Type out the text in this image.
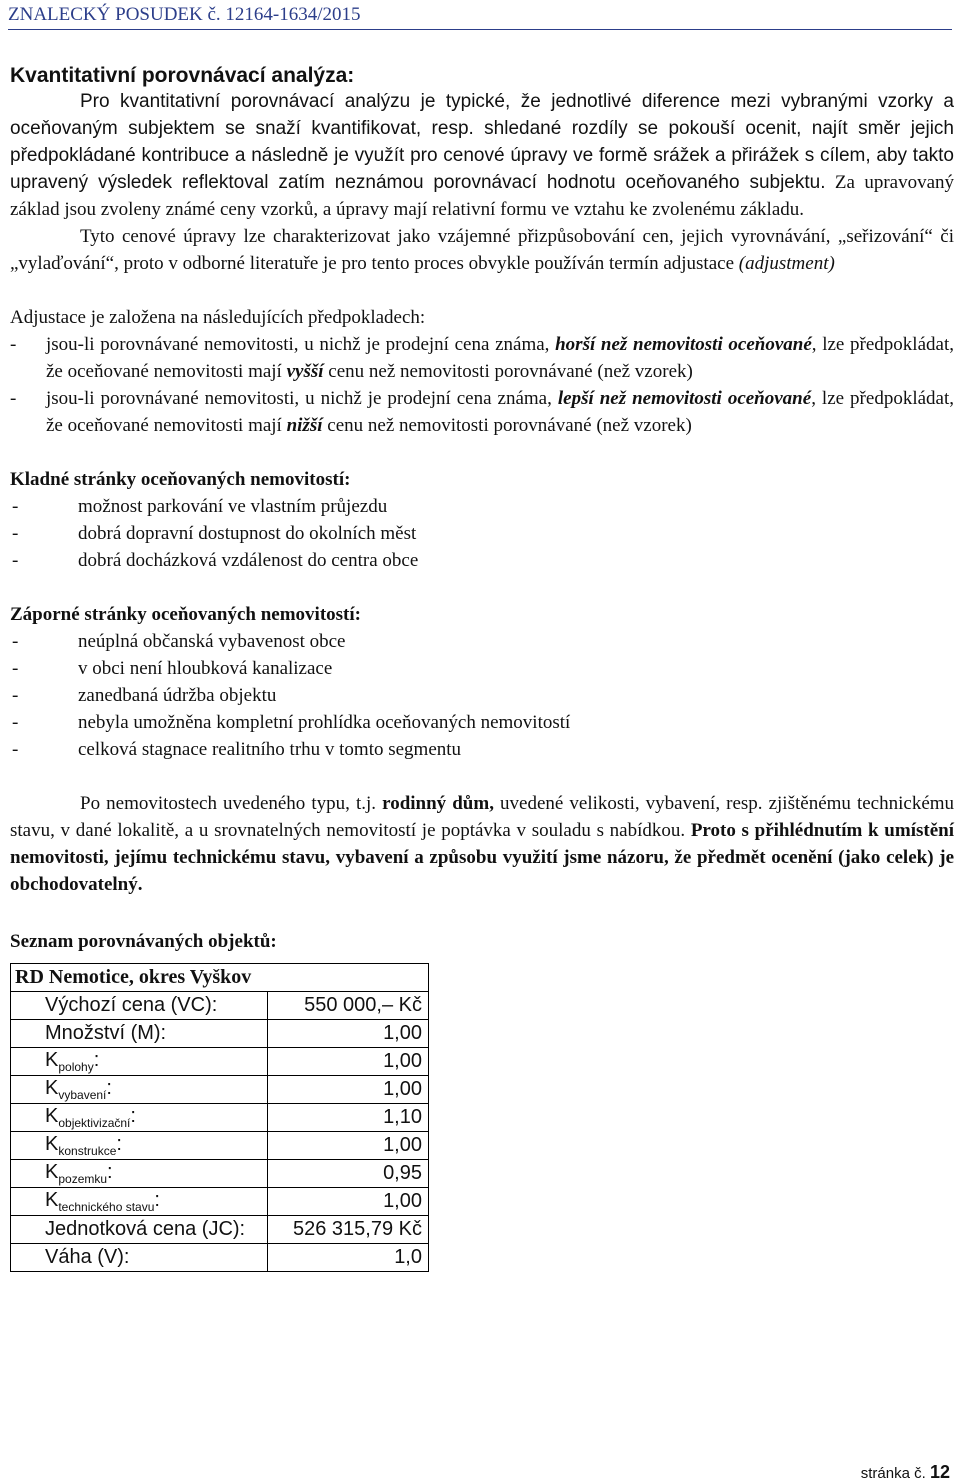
ZNALECKÝ POSUDEK č. 12164-1634/2015
Kvantitativní porovnávací analýza:

Pro kvantitativní porovnávací analýzu je typické, že jednotlivé diference mezi vybranými vzorky a oceňovaným subjektem se snaží kvantifikovat, resp. shledané rozdíly se pokouší ocenit, najít směr jejich předpokládané kontribuce a následně je využít pro cenové úpravy ve formě srážek a přirážek s cílem, aby takto upravený výsledek reflektoval zatím neznámou porovnávací hodnotu oceňovaného subjektu. Za upravovaný základ jsou zvoleny známé ceny vzorků, a úpravy mají relativní formu ve vztahu ke zvolenému základu.

Tyto cenové úpravy lze charakterizovat jako vzájemné přizpůsobování cen, jejich vyrovnávání, „seřizování“ či „vylaďování“, proto v odborné literatuře je pro tento proces obvykle používán termín adjustace (adjustment)

Adjustace je založena na následujících předpokladech:

-	jsou-li porovnávané nemovitosti, u nichž je prodejní cena známa, horší než nemovitosti oceňované, lze předpokládat, že oceňované nemovitosti mají vyšší cenu než nemovitosti porovnávané (než vzorek)
-	jsou-li porovnávané nemovitosti, u nichž je prodejní cena známa, lepší než nemovitosti oceňované, lze předpokládat, že oceňované nemovitosti mají nižší cenu než nemovitosti porovnávané (než vzorek)
Kladné stránky oceňovaných nemovitostí:
-	možnost parkování ve vlastním průjezdu
-	dobrá dopravní dostupnost do okolních měst
-	dobrá docházková vzdálenost do centra obce
Záporné stránky oceňovaných nemovitostí:
-	neúplná občanská vybavenost obce
-	v obci není hloubková kanalizace
-	zanedbaná údržba objektu
-	nebyla umožněna kompletní prohlídka oceňovaných nemovitostí
-	celková stagnace realitního trhu v tomto segmentu

Po nemovitostech uvedeného typu, t.j. rodinný dům, uvedené velikosti, vybavení, resp. zjištěnému technickému stavu, v dané lokalitě, a u srovnatelných nemovitostí je poptávka v souladu s nabídkou. Proto s přihlédnutím k umístění nemovitosti, jejímu technickému stavu, vybavení a způsobu využití jsme názoru, že předmět ocenění (jako celek) je obchodovatelný.

Seznam porovnávaných objektů:
RD Nemotice, okres Vyškov	
Výchozí cena (VC):	550 000,– Kč
Množství (M):	1,00
$K_{polohy}$:	1,00
$K_{vybavení}$:	1,00
$K_{objektivizační}$:	1,10
$K_{konstrukce}$:	1,00
$K_{pozemku}$:	0,95
$K_{technického stavu}$:	1,00
Jednotková cena (JC):	526 315,79 Kč
Váha (V):	1,0
stránka č. 12
